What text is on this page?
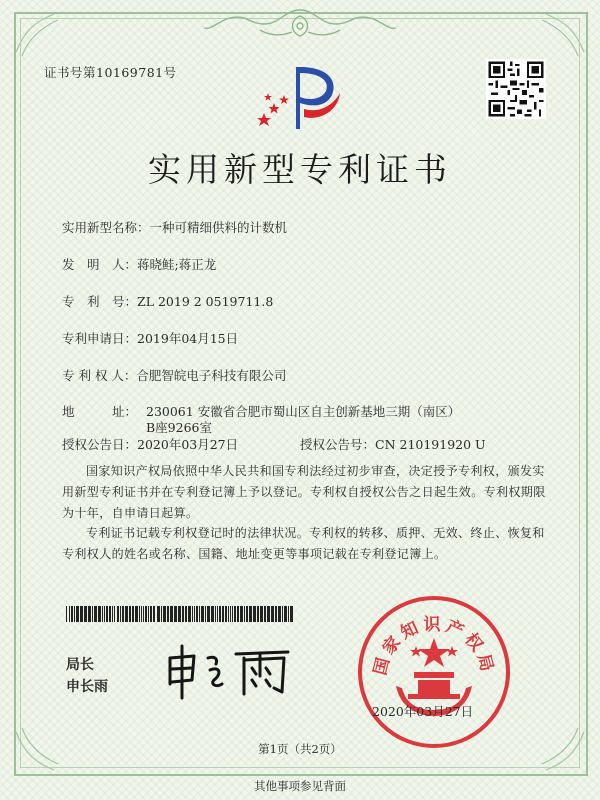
证书号第10169781号
实用新型专利证书
实用新型名称：一种可精细供料的计数机
发　明　人：蒋晓鲑;蒋正龙
专　利　号：ZL 2019 2 0519711.8
专利申请日：2019年04月15日
专 利 权 人：合肥智皖电子科技有限公司
地　　　址： 230061 安徽省合肥市蜀山区自主创新基地三期（南区）B座9266室
授权公告日：2020年03月27日	授权公告号：CN 210191920 U
国家知识产权局依照中华人民共和国专利法经过初步审查，决定授予专利权，颁发实用新型专利证书并在专利登记簿上予以登记。专利权自授权公告之日起生效。专利权期限为十年，自申请日起算。
专利证书记载专利权登记时的法律状况。专利权的转移、质押、无效、终止、恢复和专利权人的姓名或名称、国籍、地址变更等事项记载在专利登记簿上。
局长
申长雨
国家知识产权局
2020年03月27日
第1页（共2页）
其他事项参见背面
